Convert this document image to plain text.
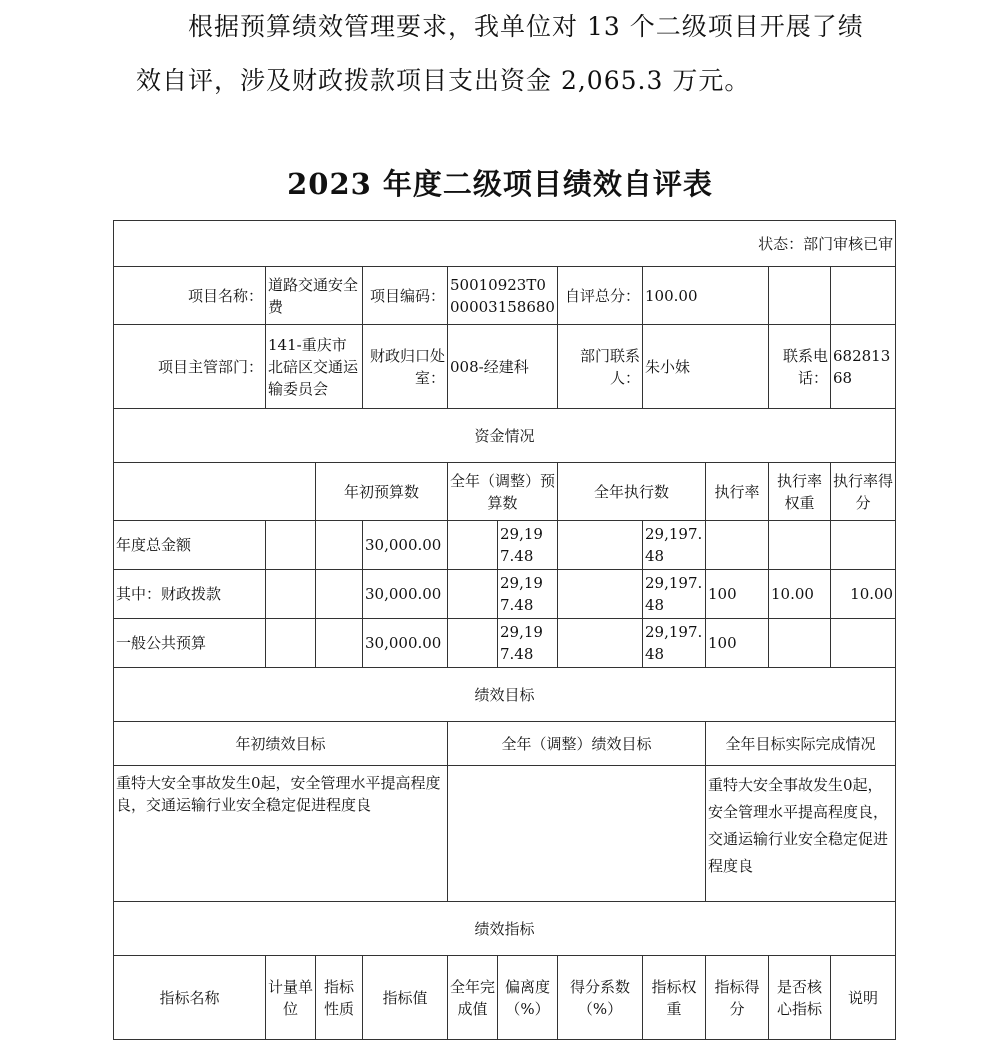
根据预算绩效管理要求，我单位对 13 个二级项目开展了绩

效自评，涉及财政拨款项目支出资金 2,065.3 万元。

2023 年度二级项目绩效自评表
状态：部门审核已审										
项目名称：	道路交通安全费		项目编码：	50010923T000003158680		自评总分：	100.00			
项目主管部门：	141-重庆市北碚区交通运输委员会		财政归口处室：	008-经建科		部门联系人：	朱小妹		联系电话：	68281368
资金情况										
		年初预算数		全年（调整）预算数		全年执行数		执行率	执行率权重	执行率得分
年度总金额			30,000.00		29,197.48		29,197.48			
其中：财政拨款			30,000.00		29,197.48		29,197.48	100	10.00	10.00
一般公共预算			30,000.00		29,197.48		29,197.48	100		
绩效目标										
年初绩效目标				全年（调整）绩效目标				全年目标实际完成情况		
重特大安全事故发生0起，安全管理水平提高程度良，交通运输行业安全稳定促进程度良								重特大安全事故发生0起，安全管理水平提高程度良，交通运输行业安全稳定促进程度良		
绩效指标										
指标名称	计量单位	指标性质	指标值	全年完成值	偏离度（%）	得分系数（%）	指标权重	指标得分	是否核心指标	说明
